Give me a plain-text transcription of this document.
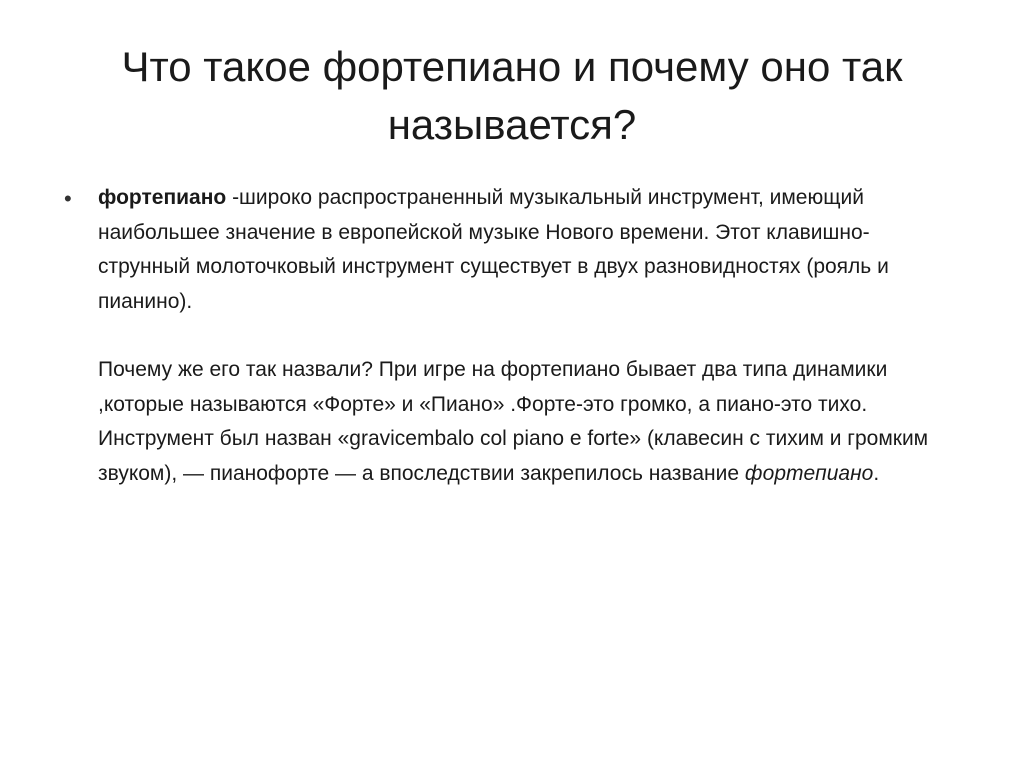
Что такое фортепиано и почему оно так называется?
• фортепиано -широко распространенный музыкальный инструмент, имеющий наибольшее значение в европейской музыке Нового времени. Этот клавишно-струнный молоточковый инструмент существует в двух разновидностях (рояль и пианино).

Почему же его так назвали? При игре на фортепиано бывает два типа динамики ,которые называются «Форте» и «Пиано» .Форте-это громко, а пиано-это тихо. Инструмент был назван «gravicembalo col piano e forte» (клавесин с тихим и громким звуком), — пианофорте — а впоследствии закрепилось название фортепиано.
